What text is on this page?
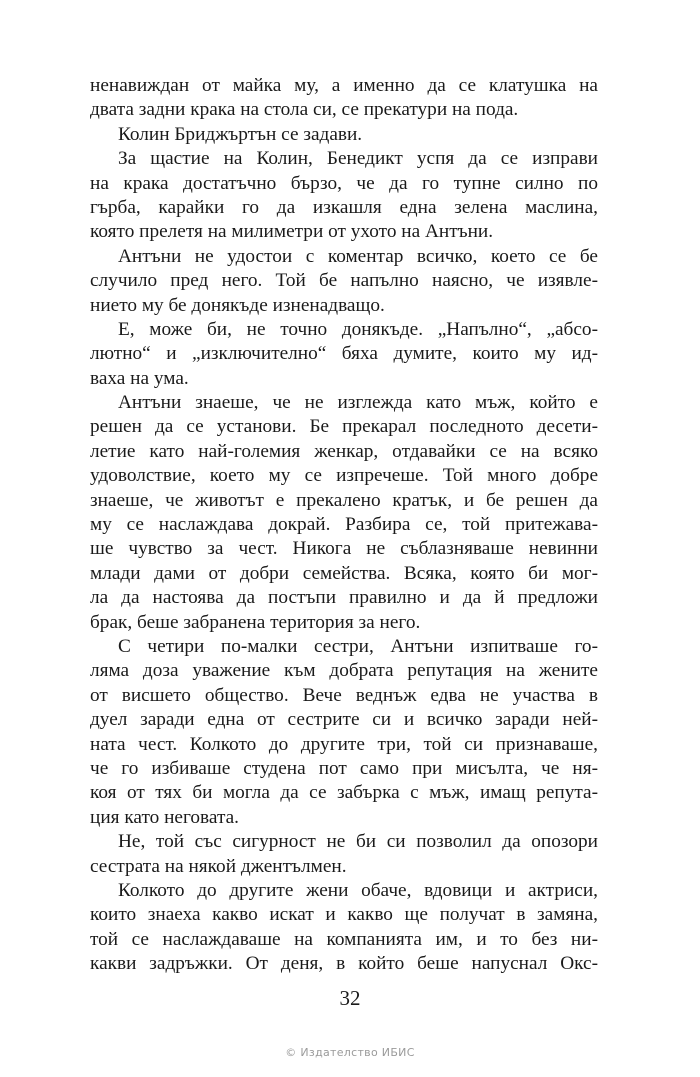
ненавиждан от майка му, а именно да се клатушка на
двата задни крака на стола си, се прекатури на пода.
Колин Бриджъртън се задави.
За щастие на Колин, Бенедикт успя да се изправи
на крака достатъчно бързо, че да го тупне силно по
гърба, карайки го да изкашля една зелена маслина,
която прелетя на милиметри от ухото на Антъни.
Антъни не удостои с коментар всичко, което се бе
случило пред него. Той бе напълно наясно, че изявле-
нието му бе донякъде изненадващо.
Е, може би, не точно донякъде. „Напълно“, „абсо-
лютно“ и „изключително“ бяха думите, които му ид-
ваха на ума.
Антъни знаеше, че не изглежда като мъж, който е
решен да се установи. Бе прекарал последното десети-
летие като най-големия женкар, отдавайки се на всяко
удоволствие, което му се изпречеше. Той много добре
знаеше, че животът е прекалено кратък, и бе решен да
му се наслаждава докрай. Разбира се, той притежава-
ше чувство за чест. Никога не съблазняваше невинни
млади дами от добри семейства. Всяка, която би мог-
ла да настоява да постъпи правилно и да й предложи
брак, беше забранена територия за него.
С четири по-малки сестри, Антъни изпитваше го-
ляма доза уважение към добрата репутация на жените
от висшето общество. Вече веднъж едва не участва в
дуел заради една от сестрите си и всичко заради ней-
ната чест. Колкото до другите три, той си признаваше,
че го избиваше студена пот само при мисълта, че ня-
коя от тях би могла да се забърка с мъж, имащ репута-
ция като неговата.
Не, той със сигурност не би си позволил да опозори
сестрата на някой джентълмен.
Колкото до другите жени обаче, вдовици и актриси,
които знаеха какво искат и какво ще получат в замяна,
той се наслаждаваше на компанията им, и то без ни-
какви задръжки. От деня, в който беше напуснал Окс-
32
© Издателство ИБИС
